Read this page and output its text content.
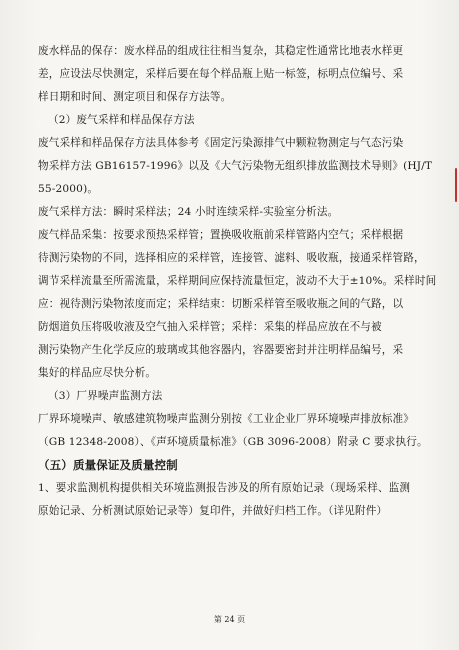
废水样品的保存：废水样品的组成往往相当复杂，其稳定性通常比地表水样更
差，应设法尽快测定，采样后要在每个样品瓶上贴一标签，标明点位编号、采
样日期和时间、测定项目和保存方法等。
（2）废气采样和样品保存方法
废气采样和样品保存方法具体参考《固定污染源排气中颗粒物测定与气态污染
物采样方法 GB16157-1996》以及《大气污染物无组织排放监测技术导则》(HJ/T
55-2000)。
废气采样方法：瞬时采样法；24 小时连续采样-实验室分析法。
废气样品采集：按要求预热采样管；置换吸收瓶前采样管路内空气；采样根据
待测污染物的不同，选择相应的采样管，连接管、滤料、吸收瓶，接通采样管路，
调节采样流量至所需流量，采样期间应保持流量恒定，波动不大于±10%。采样时间
应：视待测污染物浓度而定；采样结束：切断采样管至吸收瓶之间的气路，以
防烟道负压将吸收液及空气抽入采样管；采样：采集的样品应放在不与被
测污染物产生化学反应的玻璃或其他容器内，容器要密封并注明样品编号，采
集好的样品应尽快分析。
（3）厂界噪声监测方法
厂界环境噪声、敏感建筑物噪声监测分别按《工业企业厂界环境噪声排放标准》
（GB 12348-2008）、《声环境质量标准》（GB 3096-2008）附录 C 要求执行。
（五）质量保证及质量控制
1、要求监测机构提供相关环境监测报告涉及的所有原始记录（现场采样、监测
原始记录、分析测试原始记录等）复印件，并做好归档工作。（详见附件）
第 24 页
